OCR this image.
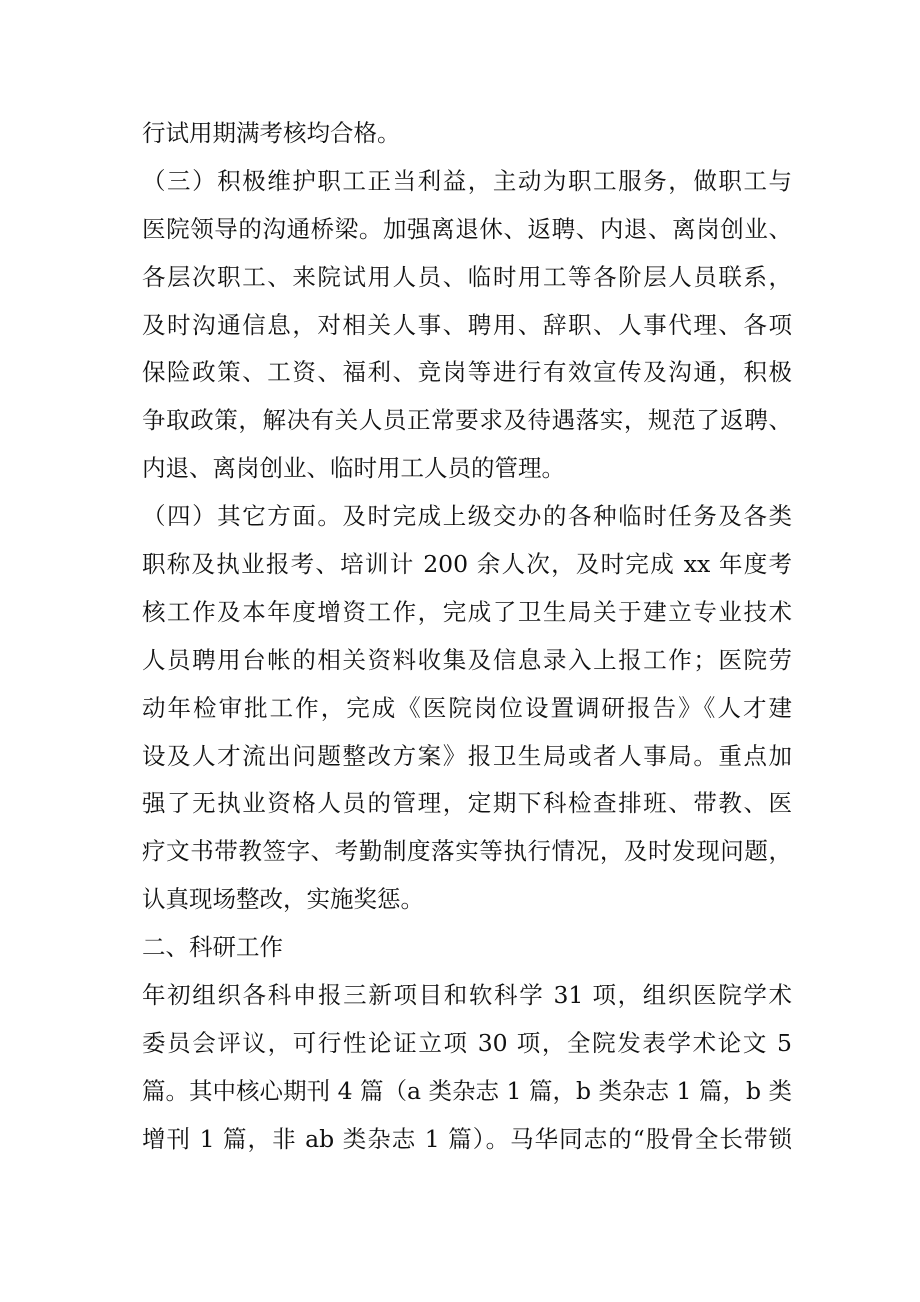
行试用期满考核均合格。
（三）积极维护职工正当利益，主动为职工服务，做职工与
医院领导的沟通桥梁。加强离退休、返聘、内退、离岗创业、
各层次职工、来院试用人员、临时用工等各阶层人员联系，
及时沟通信息，对相关人事、聘用、辞职、人事代理、各项
保险政策、工资、福利、竞岗等进行有效宣传及沟通，积极
争取政策，解决有关人员正常要求及待遇落实，规范了返聘、
内退、离岗创业、临时用工人员的管理。
（四）其它方面。及时完成上级交办的各种临时任务及各类
职称及执业报考、培训计 200 余人次，及时完成 xx 年度考
核工作及本年度增资工作，完成了卫生局关于建立专业技术
人员聘用台帐的相关资料收集及信息录入上报工作；医院劳
动年检审批工作，完成《医院岗位设置调研报告》《人才建
设及人才流出问题整改方案》报卫生局或者人事局。重点加
强了无执业资格人员的管理，定期下科检查排班、带教、医
疗文书带教签字、考勤制度落实等执行情况，及时发现问题，
认真现场整改，实施奖惩。
二、科研工作
年初组织各科申报三新项目和软科学 31 项，组织医院学术
委员会评议，可行性论证立项 30 项，全院发表学术论文 5
篇。其中核心期刊 4 篇（a 类杂志 1 篇，b 类杂志 1 篇，b 类
增刊 1 篇，非 ab 类杂志 1 篇）。马华同志的“股骨全长带锁
